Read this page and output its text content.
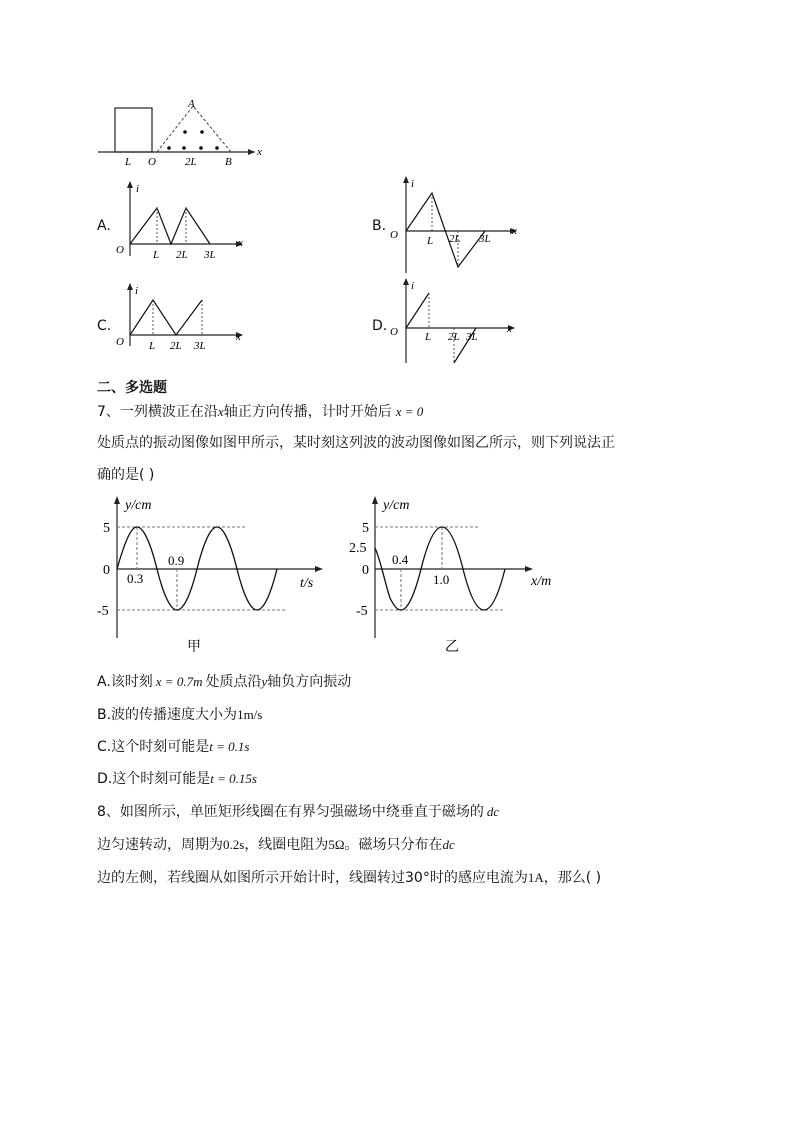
A
L O	2L	B
x
A.
i
x
O	L 2L 3L
B.
i
x
O	L 2L 3L
C.
i
x
O L 2L 3L
D.
i
x
O L 2L 3L
二、多选题
7、一列横波正在沿x轴正方向传播，计时开始后 x = 0
处质点的振动图像如图甲所示，某时刻这列波的波动图像如图乙所示，则下列说法正
确的是( )
y/cm
t/s
5
0
-5
0.3
0.9
甲
y/cm
x/m
5
2.5
0
-5
0.4
1.0
乙
A.该时刻 x = 0.7m 处质点沿y轴负方向振动
B.波的传播速度大小为1m/s
C.这个时刻可能是t = 0.1s
D.这个时刻可能是t = 0.15s
8、如图所示，单匝矩形线圈在有界匀强磁场中绕垂直于磁场的 dc
边匀速转动，周期为0.2s，线圈电阻为5Ω。磁场只分布在dc
边的左侧，若线圈从如图所示开始计时，线圈转过30°时的感应电流为1A，那么( )
